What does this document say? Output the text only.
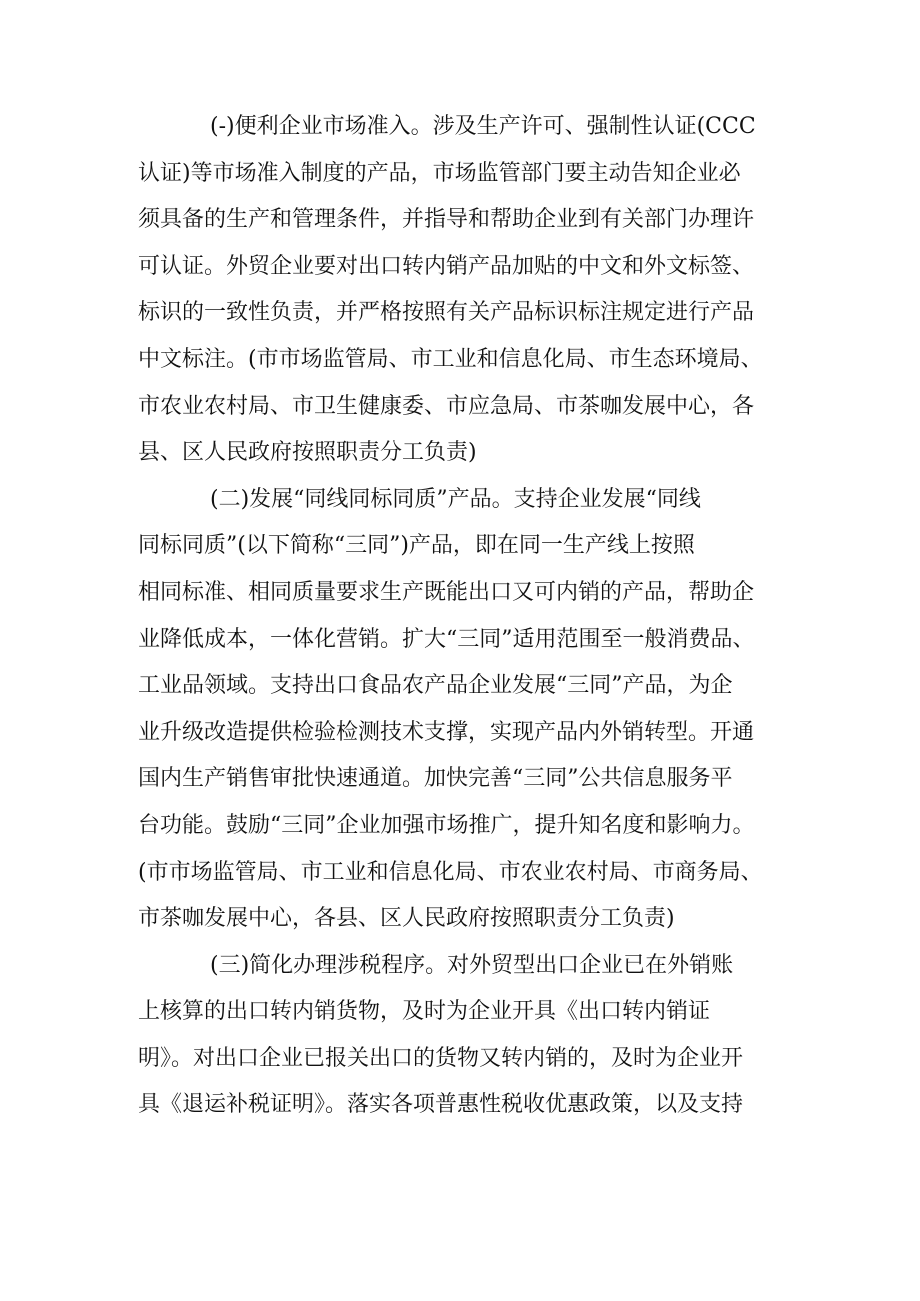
(-)便利企业市场准入。涉及生产许可、强制性认证(CCC
认证)等市场准入制度的产品，市场监管部门要主动告知企业必
须具备的生产和管理条件，并指导和帮助企业到有关部门办理许
可认证。外贸企业要对出口转内销产品加贴的中文和外文标签、
标识的一致性负责，并严格按照有关产品标识标注规定进行产品
中文标注。(市市场监管局、市工业和信息化局、市生态环境局、
市农业农村局、市卫生健康委、市应急局、市茶咖发展中心，各
县、区人民政府按照职责分工负责)
(二)发展“同线同标同质”产品。支持企业发展“同线
同标同质”(以下简称“三同”)产品，即在同一生产线上按照
相同标准、相同质量要求生产既能出口又可内销的产品，帮助企
业降低成本，一体化营销。扩大“三同”适用范围至一般消费品、
工业品领域。支持出口食品农产品企业发展“三同”产品，为企
业升级改造提供检验检测技术支撑，实现产品内外销转型。开通
国内生产销售审批快速通道。加快完善“三同”公共信息服务平
台功能。鼓励“三同”企业加强市场推广，提升知名度和影响力。
(市市场监管局、市工业和信息化局、市农业农村局、市商务局、
市茶咖发展中心，各县、区人民政府按照职责分工负责)
(三)简化办理涉税程序。对外贸型出口企业已在外销账
上核算的出口转内销货物，及时为企业开具《出口转内销证
明》。对出口企业已报关出口的货物又转内销的，及时为企业开
具《退运补税证明》。落实各项普惠性税收优惠政策，以及支持
